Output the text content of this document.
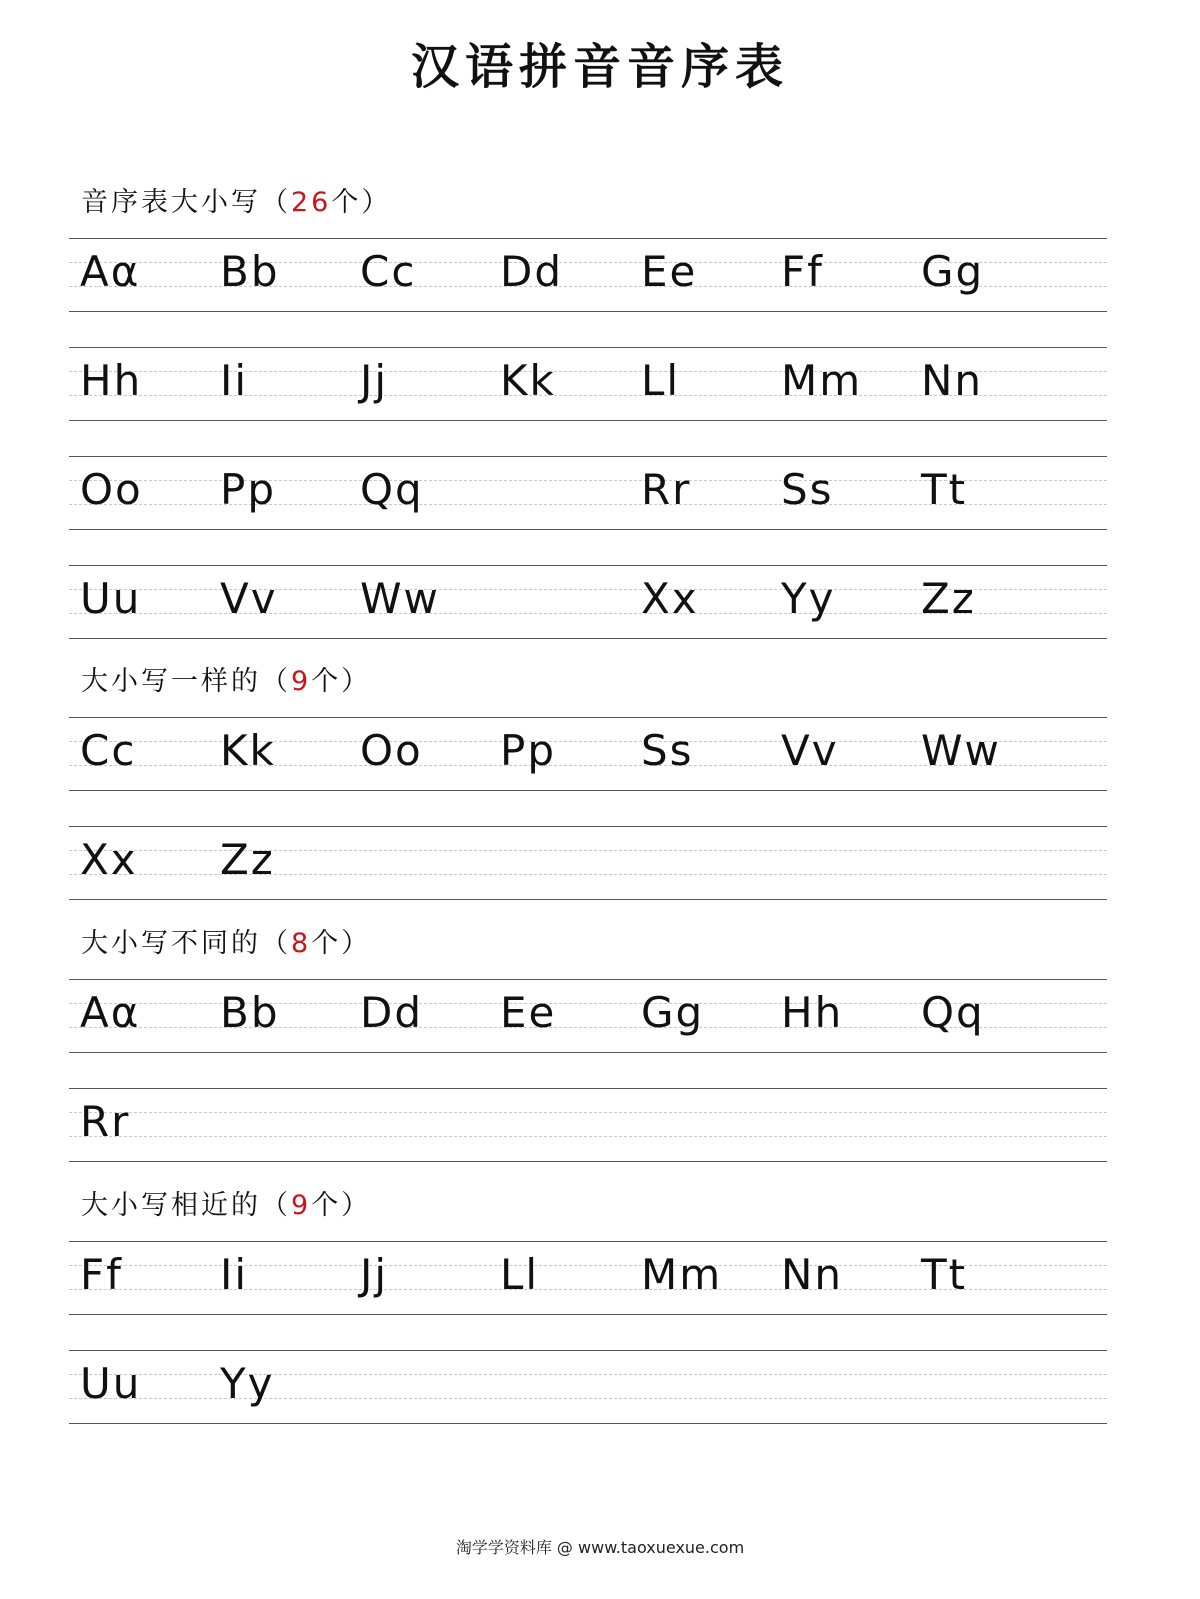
汉语拼音音序表
音序表大小写（26个）
Aα Bb Cc Dd Ee Ff Gg
Hh Ii	Jj	Kk Ll Mm Nn
Oo Pp Qq	Rr Ss Tt
Uu Vv Ww	Xx Yy Zz
大小写一样的（9个）
Cc Kk Oo Pp Ss Vv Ww
Xx Zz
大小写不同的（8个）
Aα Bb Dd Ee Gg Hh Qq
Rr
大小写相近的（9个）
Ff Ii	Jj	Ll Mm Nn Tt
Uu Yy
淘学学资料库 @ www.taoxuexue.com
